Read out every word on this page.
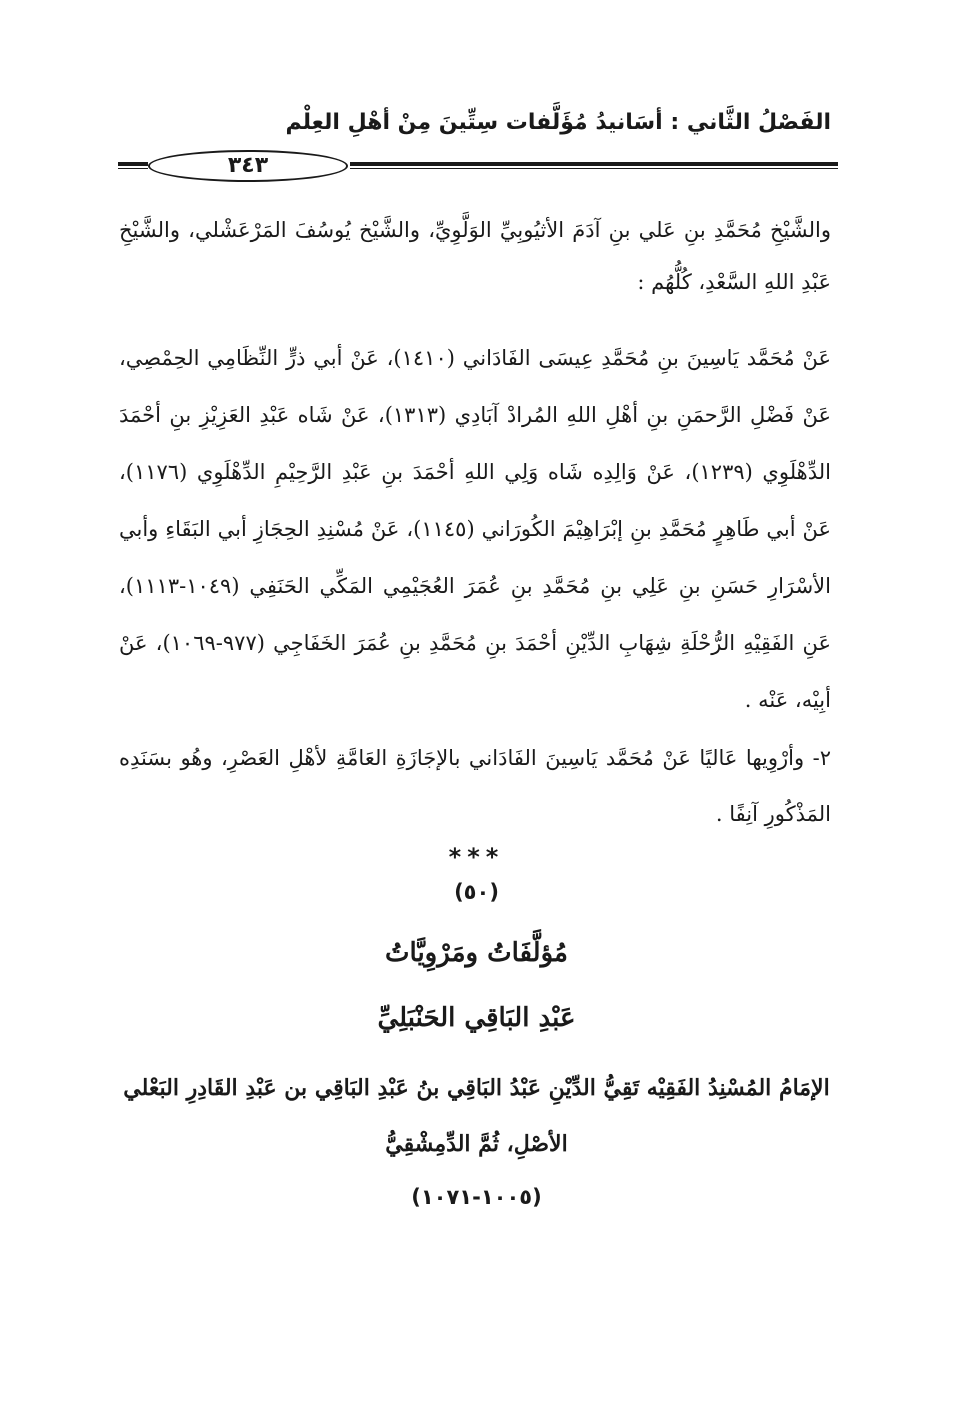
الفَصْلُ الثَّاني : أسَانيدُ مُؤَلَّفات سِتِّينَ مِنْ أهْلِ العِلْم
٣٤٣

والشَّيْخِ مُحَمَّدِ بنِ عَلي بنِ آدَمَ الأثيُوبِيِّ الوَلَّوِيِّ، والشَّيْخ يُوسُفَ المَرْعَشْلي، والشَّيْخِ عَبْدِ اللهِ السَّعْدِ، كُلُّهُم :

عَنْ مُحَمَّد يَاسِينَ بنِ مُحَمَّدِ عِيسَى الفَادَاني (١٤١٠)، عَنْ أبي ذرٍّ النِّظَامِي الحِمْصِي، عَنْ فَضْلِ الرَّحمَنِ بنِ أهْلِ اللهِ المُرادْ آبَادِي (١٣١٣)، عَنْ شَاه عَبْدِ العَزِيْزِ بنِ أحْمَدَ الدِّهْلَوِي (١٢٣٩)، عَنْ وَالِدِه شَاه وَلِي اللهِ أحْمَدَ بنِ عَبْدِ الرَّحِيْمِ الدِّهْلَوِي (١١٧٦)، عَنْ أبي طَاهِرٍ مُحَمَّدِ بنِ إبْرَاهِيْمَ الكُورَاني (١١٤٥)، عَنْ مُسْنِدِ الحِجَازِ أبي البَقَاءِ وأبي الأسْرَارِ حَسَنِ بنِ عَلِي بنِ مُحَمَّدِ بنِ عُمَرَ العُجَيْمِي المَكِّي الحَنَفِي (١٠٤٩-١١١٣)، عَنِ الفَقِيْهِ الرُّحْلَةِ شِهَابِ الدِّيْنِ أحْمَدَ بنِ مُحَمَّدِ بنِ عُمَرَ الخَفَاجِي (٩٧٧-١٠٦٩)، عَنْ أبِيْه، عَنْه .

٢- وأرْوِيها عَاليًا عَنْ مُحَمَّد يَاسِينَ الفَادَاني بالإجَازَةِ العَامَّةِ لأهْلِ العَصْرِ، وهُو بسَنَدِه المَذْكُورِ آنِفًا .

***
(٥٠)
مُؤلَّفَاتُ ومَرْوِيَّاتُ
عَبْدِ البَاقِي الحَنْبَلِيِّ
الإمَامُ المُسْنِدُ الفَقِيْه تَقِيُّ الدِّيْنِ عَبْدُ البَاقِي بنُ عَبْدِ البَاقِي بن عَبْدِ القَادِرِ البَعْلي الأصْلِ، ثُمَّ الدِّمِشْقِيُّ
(١٠٠٥-١٠٧١)
